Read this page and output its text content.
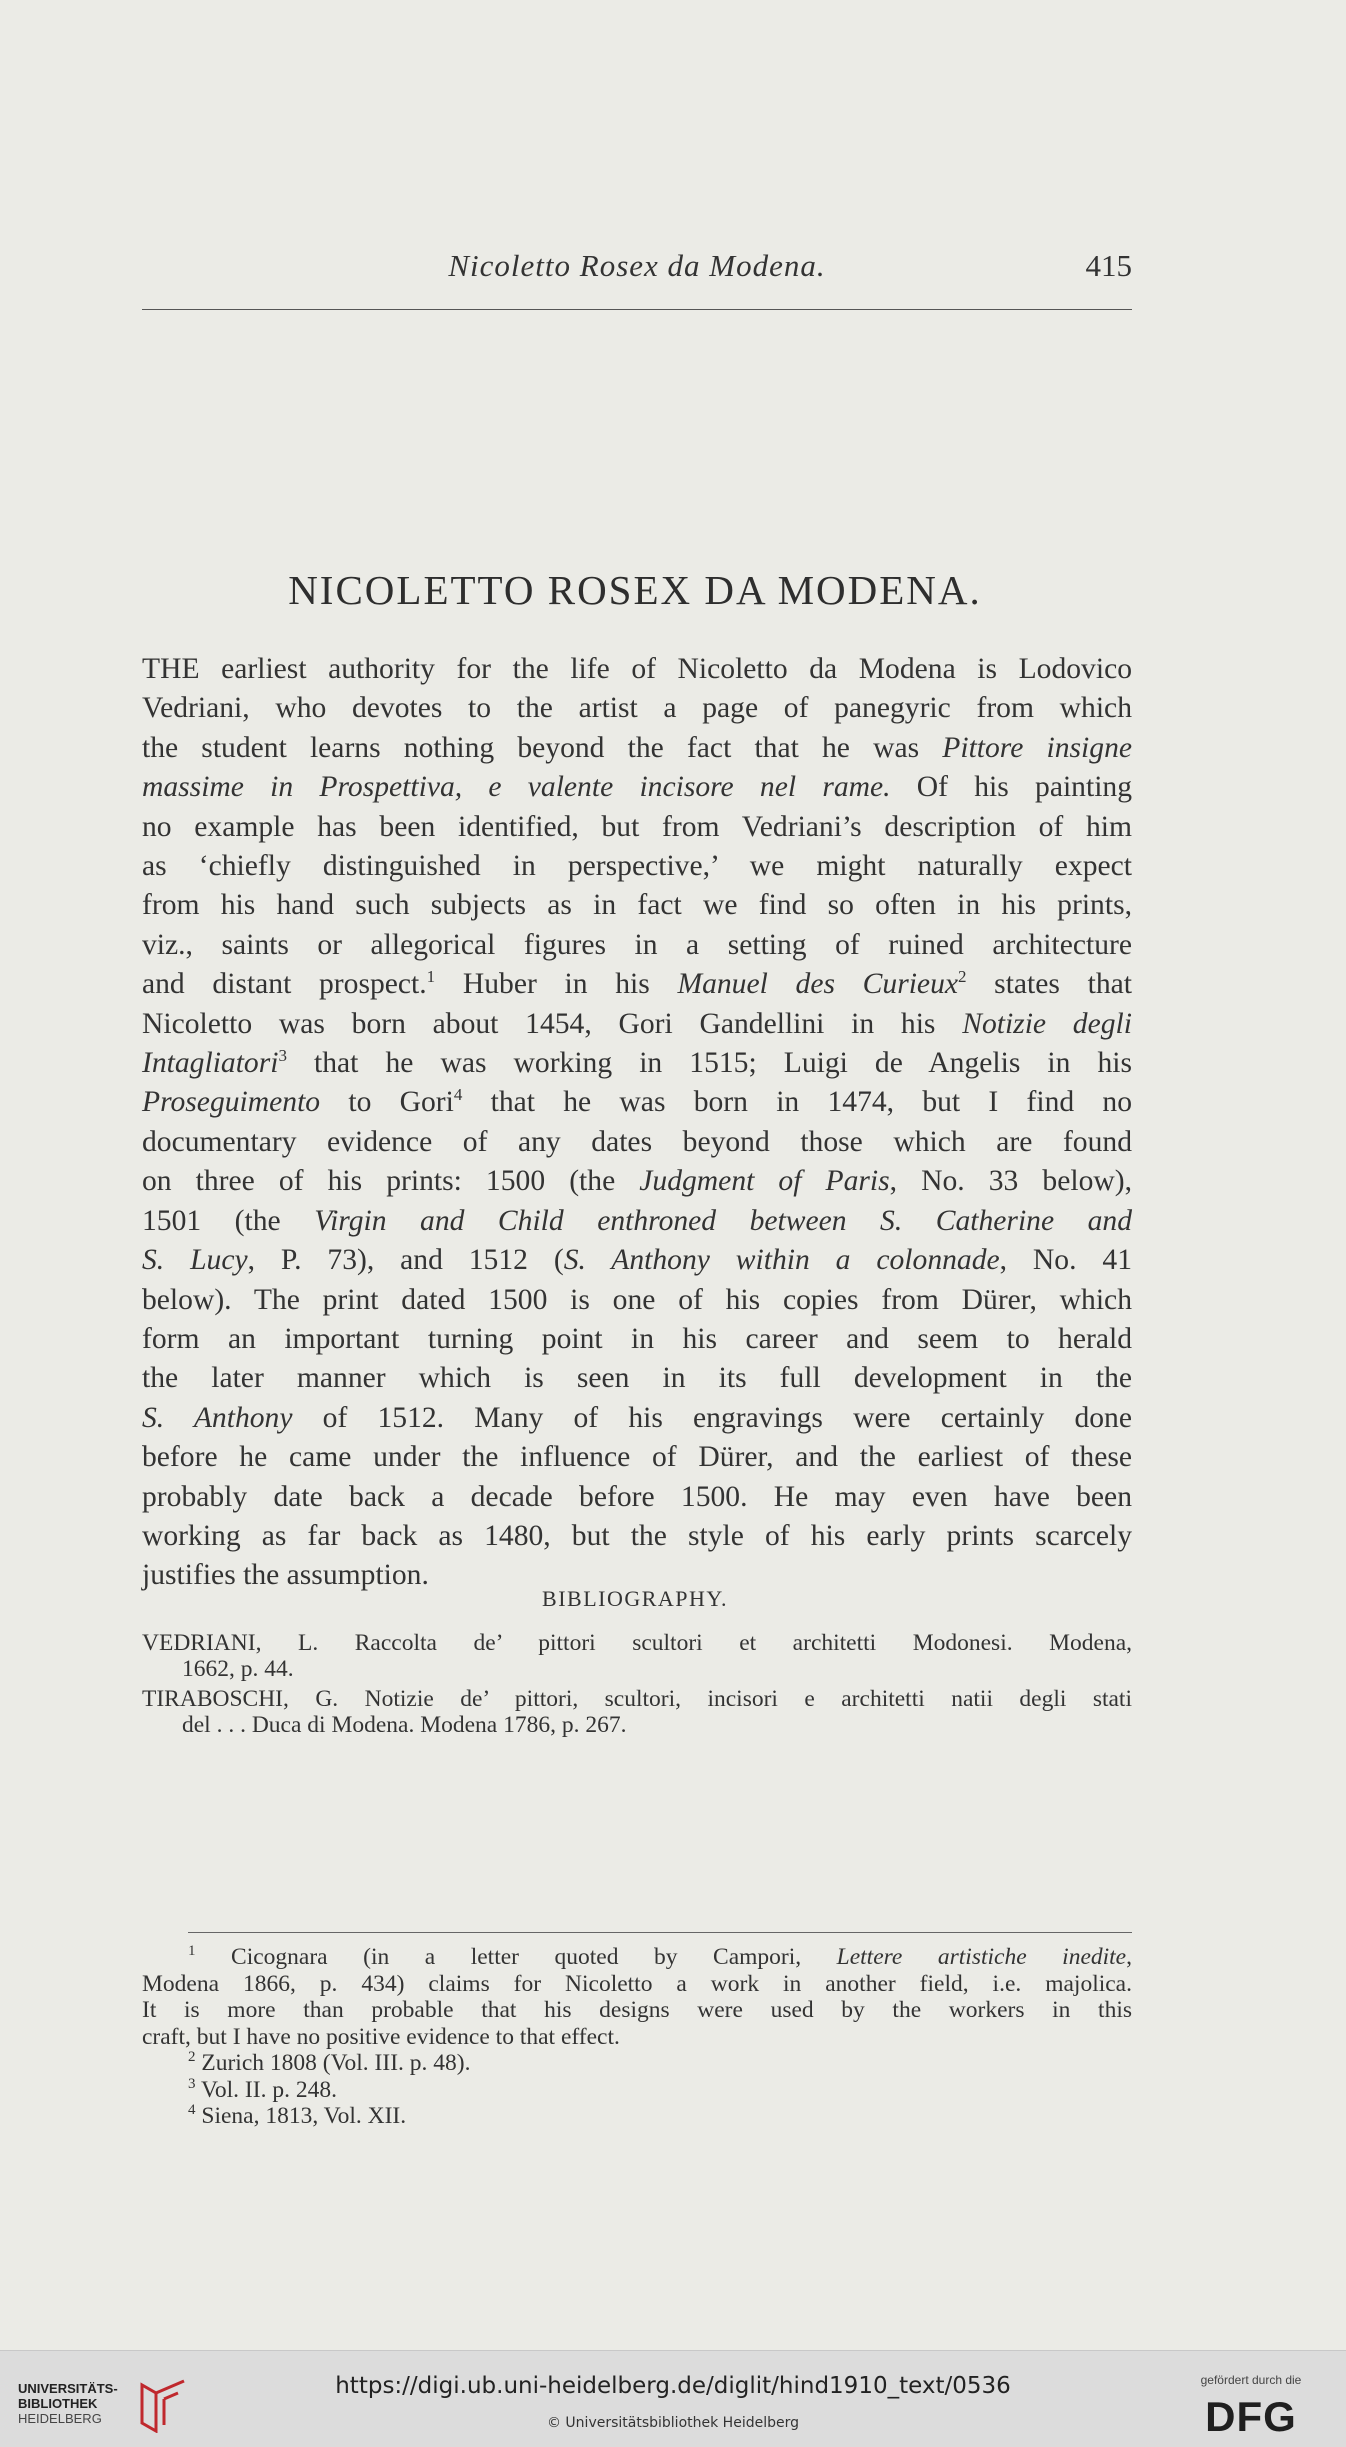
Nicoletto Rosex da Modena.	415
NICOLETTO ROSEX DA MODENA.
THE earliest authority for the life of Nicoletto da Modena is Lodovico
Vedriani, who devotes to the artist a page of panegyric from which
the student learns nothing beyond the fact that he was Pittore insigne
massime in Prospettiva, e valente incisore nel rame. Of his painting
no example has been identified, but from Vedriani’s description of him
as ‘chiefly distinguished in perspective,’ we might naturally expect
from his hand such subjects as in fact we find so often in his prints,
viz., saints or allegorical figures in a setting of ruined architecture
and distant prospect.$^1$ Huber in his Manuel des Curieux$^2$ states that
Nicoletto was born about 1454, Gori Gandellini in his Notizie degli
Intagliatori$^3$ that he was working in 1515; Luigi de Angelis in his
Proseguimento to Gori$^4$ that he was born in 1474, but I find no
documentary evidence of any dates beyond those which are found
on three of his prints: 1500 (the Judgment of Paris, No. 33 below),
1501 (the Virgin and Child enthroned between S. Catherine and
S. Lucy, P. 73), and 1512 (S. Anthony within a colonnade, No. 41
below). The print dated 1500 is one of his copies from Dürer, which
form an important turning point in his career and seem to herald
the later manner which is seen in its full development in the
S. Anthony of 1512. Many of his engravings were certainly done
before he came under the influence of Dürer, and the earliest of these
probably date back a decade before 1500. He may even have been
working as far back as 1480, but the style of his early prints scarcely
justifies the assumption.
BIBLIOGRAPHY.
VEDRIANI, L. Raccolta de’ pittori scultori et architetti Modonesi. Modena,
1662, p. 44.
TIRABOSCHI, G. Notizie de’ pittori, scultori, incisori e architetti natii degli stati
del . . . Duca di Modena. Modena 1786, p. 267.
$^1$ Cicognara (in a letter quoted by Campori, Lettere artistiche inedite,
Modena 1866, p. 434) claims for Nicoletto a work in another field, i.e. majolica.
It is more than probable that his designs were used by the workers in this
craft, but I have no positive evidence to that effect.
$^2$ Zurich 1808 (Vol. III. p. 48).
$^3$ Vol. II. p. 248.
$^4$ Siena, 1813, Vol. XII.
UNIVERSITÄTS-
BIBLIOTHEK
HEIDELBERG
https://digi.ub.uni-heidelberg.de/diglit/hind1910_text/0536
© Universitätsbibliothek Heidelberg
gefördert durch die
DFG
